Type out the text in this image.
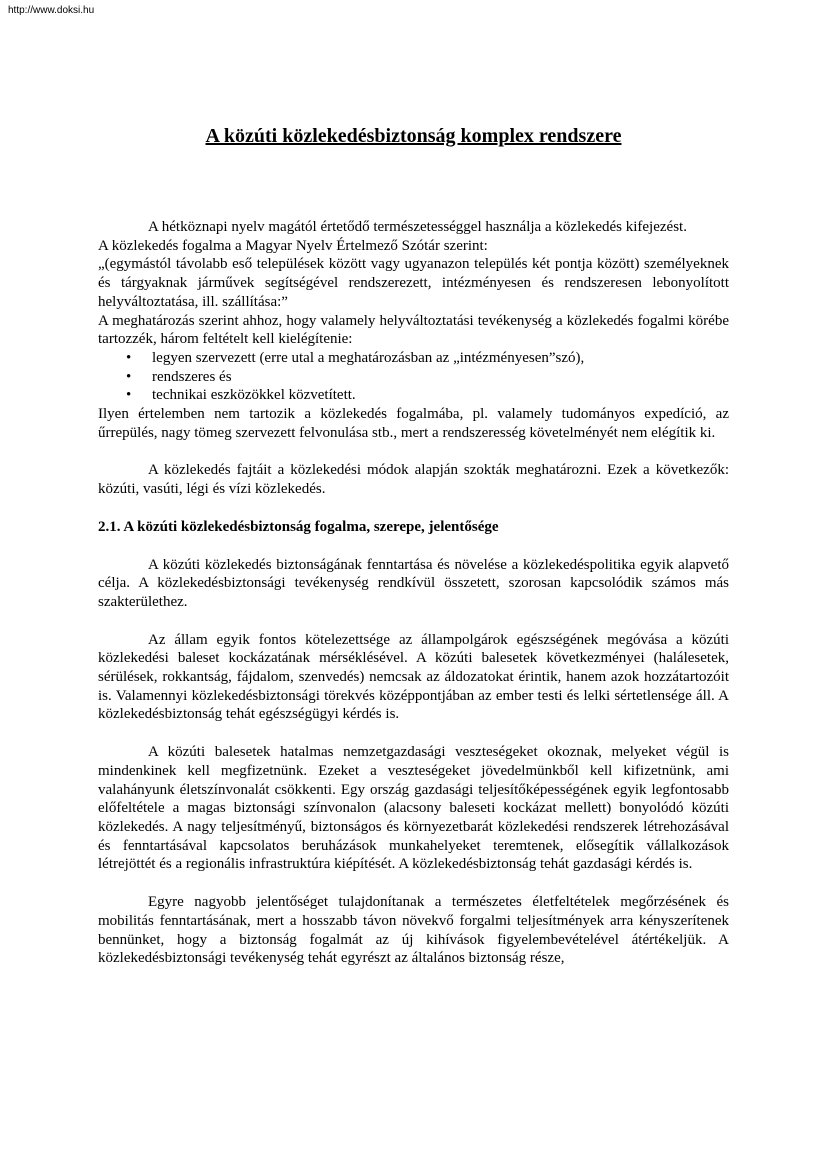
http://www.doksi.hu
A közúti közlekedésbiztonság komplex rendszere

A hétköznapi nyelv magától értetődő természetességgel használja a közlekedés kifejezést.

A közlekedés fogalma a Magyar Nyelv Értelmező Szótár szerint:

„(egymástól távolabb eső települések között vagy ugyanazon település két pontja között) személyeknek és tárgyaknak járművek segítségével rendszerezett, intézményesen és rendszeresen lebonyolított helyváltoztatása, ill. szállítása:”

A meghatározás szerint ahhoz, hogy valamely helyváltoztatási tevékenység a közlekedés fogalmi körébe tartozzék, három feltételt kell kielégítenie:

• legyen szervezett (erre utal a meghatározásban az „intézményesen”szó),
• rendszeres és
• technikai eszközökkel közvetített.

Ilyen értelemben nem tartozik a közlekedés fogalmába, pl. valamely tudományos expedíció, az űrrepülés, nagy tömeg szervezett felvonulása stb., mert a rendszeresség követelményét nem elégítik ki.

A közlekedés fajtáit a közlekedési módok alapján szokták meghatározni. Ezek a következők: közúti, vasúti, légi és vízi közlekedés.

2.1. A közúti közlekedésbiztonság fogalma, szerepe, jelentősége

A közúti közlekedés biztonságának fenntartása és növelése a közlekedéspolitika egyik alapvető célja. A közlekedésbiztonsági tevékenység rendkívül összetett, szorosan kapcsolódik számos más szakterülethez.

Az állam egyik fontos kötelezettsége az állampolgárok egészségének megóvása a közúti közlekedési baleset kockázatának mérséklésével. A közúti balesetek következményei (halálesetek, sérülések, rokkantság, fájdalom, szenvedés) nemcsak az áldozatokat érintik, hanem azok hozzátartozóit is. Valamennyi közlekedésbiztonsági törekvés középpontjában az ember testi és lelki sértetlensége áll. A közlekedésbiztonság tehát egészségügyi kérdés is.

A közúti balesetek hatalmas nemzetgazdasági veszteségeket okoznak, melyeket végül is mindenkinek kell megfizetnünk. Ezeket a veszteségeket jövedelmünkből kell kifizetnünk, ami valahányunk életszínvonalát csökkenti. Egy ország gazdasági teljesítőképességének egyik legfontosabb előfeltétele a magas biztonsági színvonalon (alacsony baleseti kockázat mellett) bonyolódó közúti közlekedés. A nagy teljesítményű, biztonságos és környezetbarát közlekedési rendszerek létrehozásával és fenntartásával kapcsolatos beruházások munkahelyeket teremtenek, elősegítik vállalkozások létrejöttét és a regionális infrastruktúra kiépítését. A közlekedésbiztonság tehát gazdasági kérdés is.

Egyre nagyobb jelentőséget tulajdonítanak a természetes életfeltételek megőrzésének és mobilitás fenntartásának, mert a hosszabb távon növekvő forgalmi teljesítmények arra kényszerítenek bennünket, hogy a biztonság fogalmát az új kihívások figyelembevételével átértékeljük. A közlekedésbiztonsági tevékenység tehát egyrészt az általános biztonság része,
